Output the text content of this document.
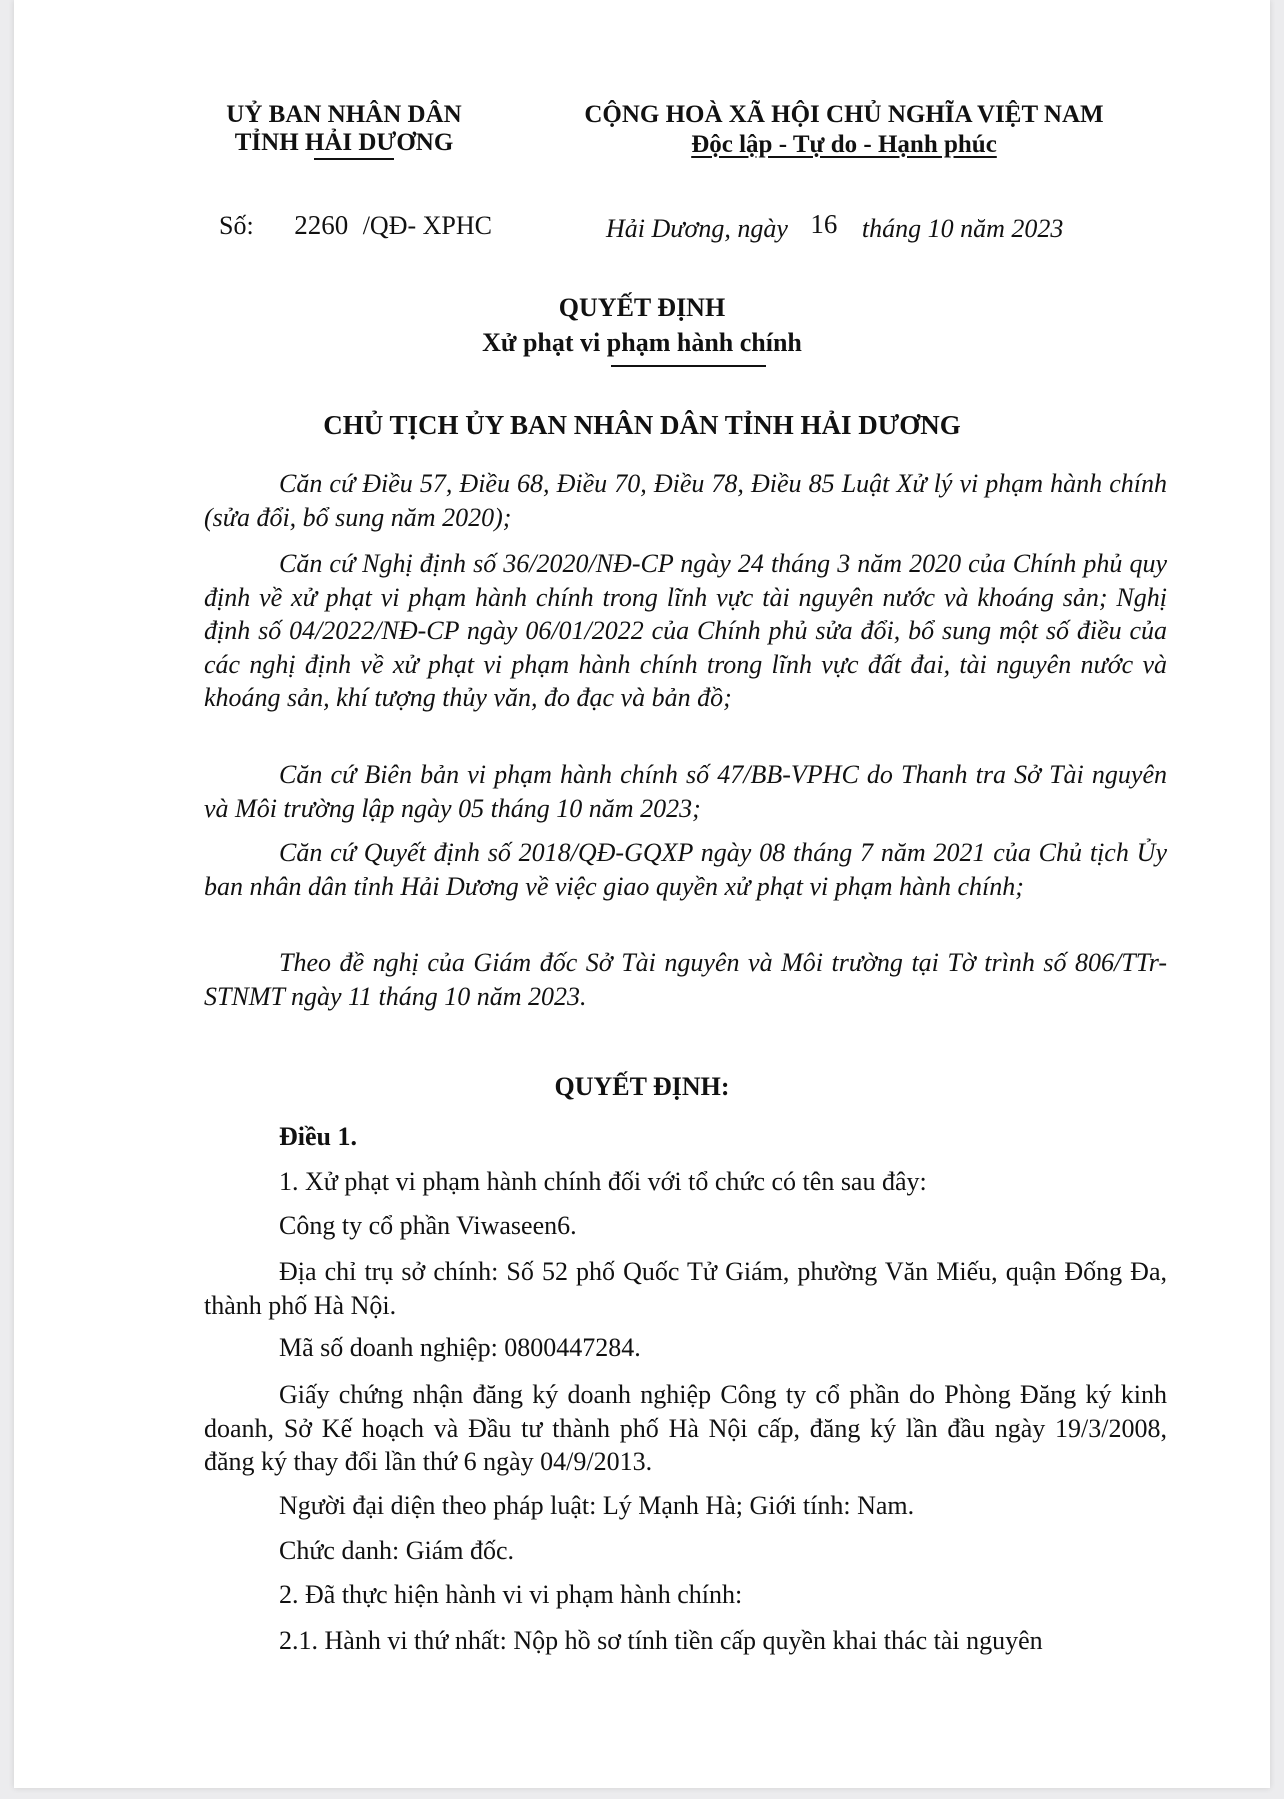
UỶ BAN NHÂN DÂN
TỈNH HẢI DƯƠNG
CỘNG HOÀ XÃ HỘI CHỦ NGHĨA VIỆT NAM
Độc lập - Tự do - Hạnh phúc
Số: 2260 /QĐ- XPHC	Hải Dương, ngày 16 tháng 10 năm 2023
QUYẾT ĐỊNH
Xử phạt vi phạm hành chính
CHỦ TỊCH ỦY BAN NHÂN DÂN TỈNH HẢI DƯƠNG
Căn cứ Điều 57, Điều 68, Điều 70, Điều 78, Điều 85 Luật Xử lý vi phạm hành chính (sửa đổi, bổ sung năm 2020);
Căn cứ Nghị định số 36/2020/NĐ-CP ngày 24 tháng 3 năm 2020 của Chính phủ quy định về xử phạt vi phạm hành chính trong lĩnh vực tài nguyên nước và khoáng sản; Nghị định số 04/2022/NĐ-CP ngày 06/01/2022 của Chính phủ sửa đổi, bổ sung một số điều của các nghị định về xử phạt vi phạm hành chính trong lĩnh vực đất đai, tài nguyên nước và khoáng sản, khí tượng thủy văn, đo đạc và bản đồ;
Căn cứ Biên bản vi phạm hành chính số 47/BB-VPHC do Thanh tra Sở Tài nguyên và Môi trường lập ngày 05 tháng 10 năm 2023;
Căn cứ Quyết định số 2018/QĐ-GQXP ngày 08 tháng 7 năm 2021 của Chủ tịch Ủy ban nhân dân tỉnh Hải Dương về việc giao quyền xử phạt vi phạm hành chính;
Theo đề nghị của Giám đốc Sở Tài nguyên và Môi trường tại Tờ trình số 806/TTr-STNMT ngày 11 tháng 10 năm 2023.
QUYẾT ĐỊNH:
Điều 1.
1. Xử phạt vi phạm hành chính đối với tổ chức có tên sau đây:
Công ty cổ phần Viwaseen6.
Địa chỉ trụ sở chính: Số 52 phố Quốc Tử Giám, phường Văn Miếu, quận Đống Đa, thành phố Hà Nội.
Mã số doanh nghiệp: 0800447284.
Giấy chứng nhận đăng ký doanh nghiệp Công ty cổ phần do Phòng Đăng ký kinh doanh, Sở Kế hoạch và Đầu tư thành phố Hà Nội cấp, đăng ký lần đầu ngày 19/3/2008, đăng ký thay đổi lần thứ 6 ngày 04/9/2013.
Người đại diện theo pháp luật: Lý Mạnh Hà; Giới tính: Nam.
Chức danh: Giám đốc.
2. Đã thực hiện hành vi vi phạm hành chính:
2.1. Hành vi thứ nhất: Nộp hồ sơ tính tiền cấp quyền khai thác tài nguyên
